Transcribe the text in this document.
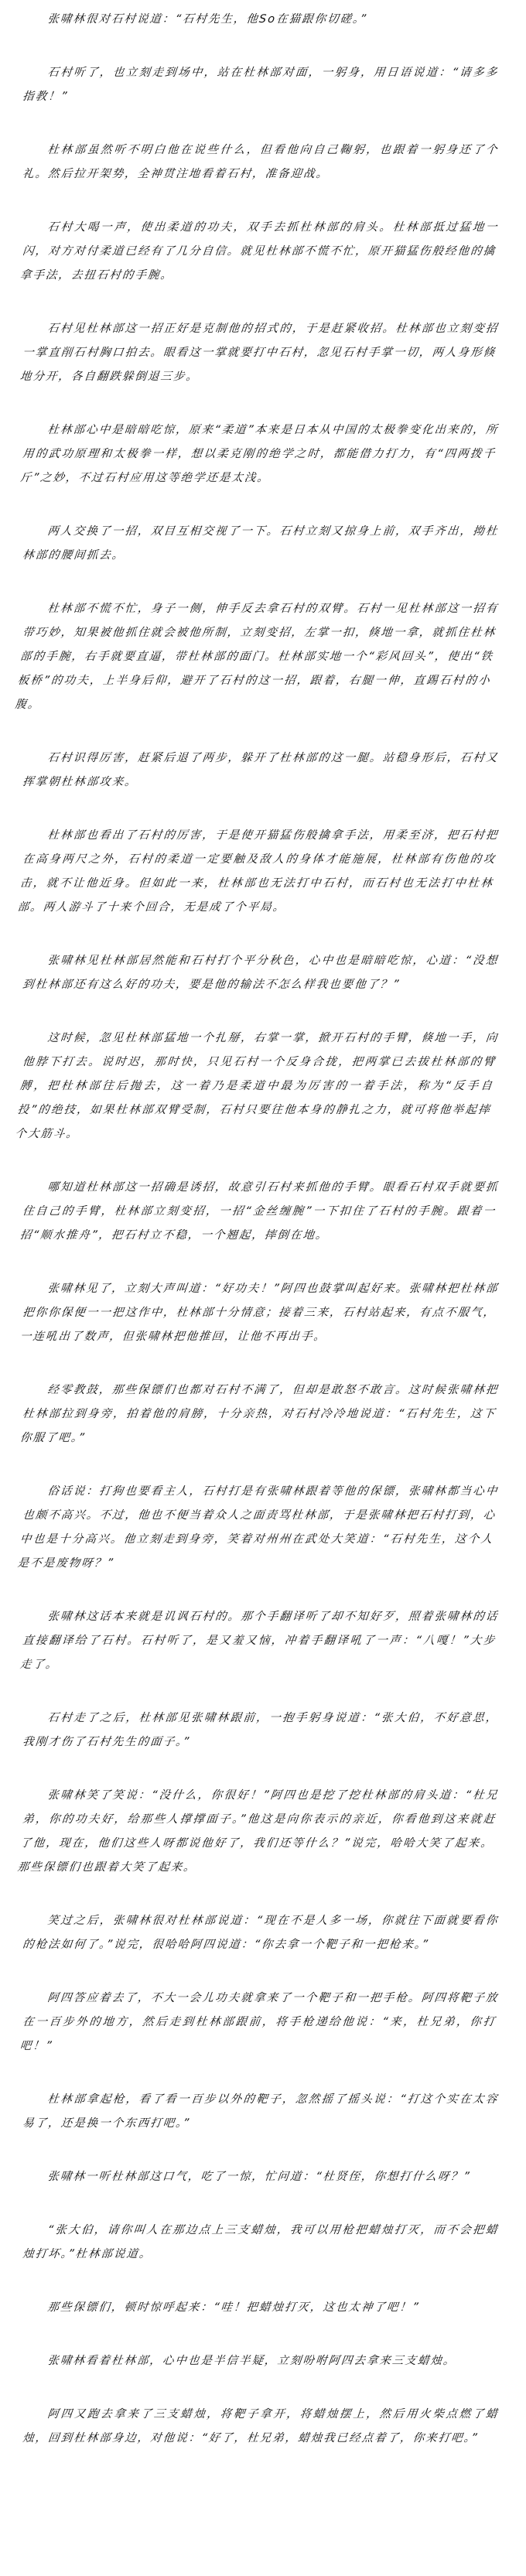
张啸林很对石村说道：“石村先生，他So在猫跟你切磋。”

石村听了，也立刻走到场中，站在杜林部对面，一躬身，用日语说道：“请多多指教！”

杜林部虽然听不明白他在说些什么，但看他向自己鞠躬，也跟着一躬身还了个礼。然后拉开架势，全神贯注地看着石村，准备迎战。

石村大喝一声，使出柔道的功夫，双手去抓杜林部的肩头。杜林部抵过猛地一闪，对方对付柔道已经有了几分自信。就见杜林部不慌不忙，原开猫猛伤般经他的擒拿手法，去扭石村的手腕。

石村见杜林部这一招正好是克制他的招式的，于是赶紧收招。杜林部也立刻变招一掌直削石村胸口拍去。眼看这一掌就要打中石村，忽见石村手掌一切，两人身形倏地分开，各自翻跌躲倒退三步。

杜林部心中是暗暗吃惊，原来“柔道”本来是日本从中国的太极拳变化出来的，所用的武功原理和太极拳一样，想以柔克刚的绝学之时，都能借力打力，有“四两拨千斤”之妙，不过石村应用这等绝学还是太浅。

两人交换了一招，双目互相交视了一下。石村立刻又掠身上前，双手齐出，拗杜林部的腰间抓去。

杜林部不慌不忙，身子一侧，伸手反去拿石村的双臂。石村一见杜林部这一招有带巧妙，知果被他抓住就会被他所制，立刻变招，左掌一扣，倏地一拿，就抓住杜林部的手腕，右手就要直逼，带杜林部的面门。杜林部实地一个“彩风回头”，使出“铁板桥”的功夫，上半身后仰，避开了石村的这一招，跟着，右腿一伸，直踢石村的小腹。

石村识得厉害，赶紧后退了两步，躲开了杜林部的这一腿。站稳身形后，石村又挥掌朝杜林部攻来。

杜林部也看出了石村的厉害，于是使开猫猛伤般擒拿手法，用柔至济，把石村把在高身两尺之外，石村的柔道一定要触及敌人的身体才能施展，杜林部有伤他的攻击，就不让他近身。但如此一来，杜林部也无法打中石村，而石村也无法打中杜林部。两人游斗了十来个回合，无是成了个平局。

张啸林见杜林部居然能和石村打个平分秋色，心中也是暗暗吃惊，心道：“没想到杜林部还有这么好的功夫，要是他的输法不怎么样我也要他了？”

这时候，忽见杜林部猛地一个扎掰，右掌一掌，掀开石村的手臂，倏地一手，向他脖下打去。说时迟，那时快，只见石村一个反身合拢，把两掌已去拔杜林部的臂膊，把杜林部往后抛去，这一着乃是柔道中最为厉害的一着手法，称为“反手自投”的绝技，如果杜林部双臂受制，石村只要往他本身的静扎之力，就可将他举起摔个大筋斗。

哪知道杜林部这一招确是诱招，故意引石村来抓他的手臂。眼看石村双手就要抓住自己的手臂，杜林部立刻变招，一招“金丝缠腕”一下扣住了石村的手腕。跟着一招“顺水推舟”，把石村立不稳，一个翘起，摔倒在地。

张啸林见了，立刻大声叫道：“好功夫！”阿四也鼓掌叫起好来。张啸林把杜林部把你你保便一一把这作中，杜林部十分情意；接着三来，石村站起来，有点不服气，一连吼出了数声，但张啸林把他推回，让他不再出手。

经零教鼓，那些保镖们也都对石村不满了，但却是敢怒不敢言。这时候张啸林把杜林部拉到身旁，拍着他的肩膀，十分亲热，对石村冷冷地说道：“石村先生，这下你服了吧。”

俗话说：打狗也要看主人，石村打是有张啸林跟着等他的保镖，张啸林都当心中也颇不高兴。不过，他也不便当着众人之面责骂杜林部，于是张啸林把石村打到，心中也是十分高兴。他立刻走到身旁，笑着对州州在武处大笑道：“石村先生，这个人是不是废物呀？”

张啸林这话本来就是讥讽石村的。那个手翻译听了却不知好歹，照着张啸林的话直接翻译给了石村。石村听了，是又羞又恼，冲着手翻译吼了一声：“八嘎！”大步走了。

石村走了之后，杜林部见张啸林跟前，一抱手躬身说道：“张大伯，不好意思，我刚才伤了石村先生的面子。”

张啸林笑了笑说：“没什么，你很好！”阿四也是挖了挖杜林部的肩头道：“杜兄弟，你的功夫好，给那些人撑撑面子。”他这是向你表示的亲近，你看他到这来就赶了他，现在，他们这些人呀都说他好了，我们还等什么？”说完，哈哈大笑了起来。那些保镖们也跟着大笑了起来。

笑过之后，张啸林很对杜林部说道：“现在不是人多一场，你就往下面就要看你的枪法如何了。”说完，很哈哈阿四说道：“你去拿一个靶子和一把枪来。”

阿四答应着去了，不大一会儿功夫就拿来了一个靶子和一把手枪。阿四将靶子放在一百步外的地方，然后走到杜林部跟前，将手枪递给他说：“来，杜兄弟，你打吧！”

杜林部拿起枪，看了看一百步以外的靶子，忽然摇了摇头说：“打这个实在太容易了，还是换一个东西打吧。”

张啸林一听杜林部这口气，吃了一惊，忙问道：“杜贤侄，你想打什么呀？”

“张大伯，请你叫人在那边点上三支蜡烛，我可以用枪把蜡烛打灭，而不会把蜡烛打坏。”杜林部说道。

那些保镖们，顿时惊呼起来：“哇！把蜡烛打灭，这也太神了吧！”

张啸林看着杜林部，心中也是半信半疑，立刻吩咐阿四去拿来三支蜡烛。

阿四又跑去拿来了三支蜡烛，将靶子拿开，将蜡烛摆上，然后用火柴点燃了蜡烛，回到杜林部身边，对他说：“好了，杜兄弟，蜡烛我已经点着了，你来打吧。”
